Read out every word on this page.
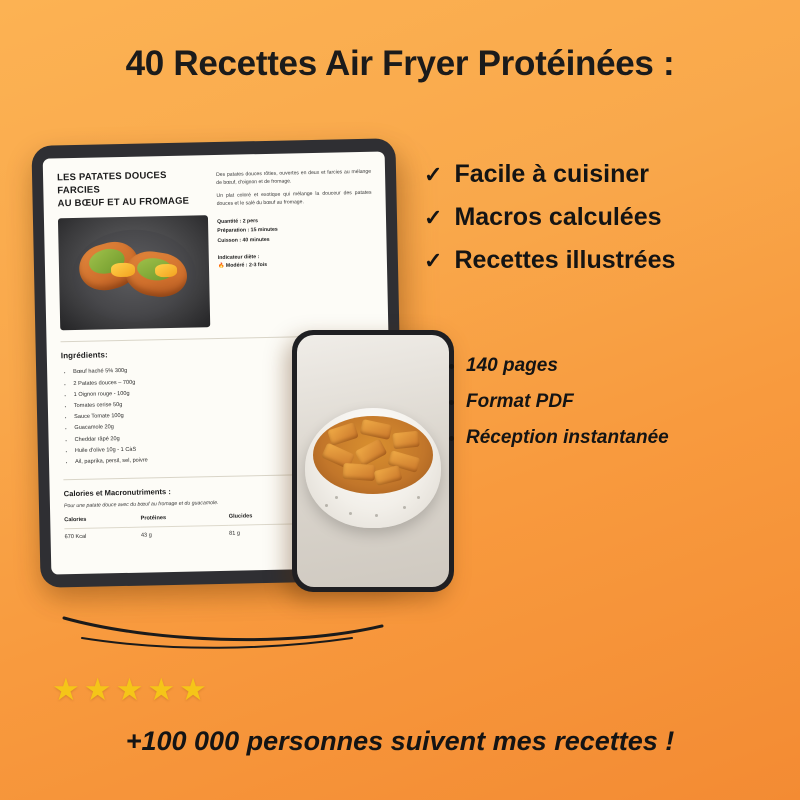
40 Recettes Air Fryer Protéinées :
LES PATATES DOUCES FARCIES
AU BŒUF ET AU FROMAGE
Des patates douces rôties, ouvertes en deux et farcies au mélange de bœuf, d'oignon et de fromage.
Un plat coloré et exotique qui mélange la douceur des patates douces et le salé du bœuf au fromage.
Quantité : 2 pers
Préparation : 15 minutes
Cuisson : 40 minutes
Indicateur diète :
🔥 Modéré : 2-3 fois
Ingrédients:
• Bœuf haché 5% 300g
• 2 Patates douces – 700g
• 1 Oignon rouge - 100g
• Tomates cerise 50g
• Sauce Tomate 100g
• Guacamole 20g
• Cheddar râpé 20g
• Huile d'olive 10g - 1 CàS
• Ail, paprika, persil, sel, poivre
Calories et Macronutriments :
Pour une patate douce avec du bœuf au fromage et du guacamole.
Calories	Protéines	Glucides	
670 Kcal	43 g	81 g	
✓ Facile à cuisiner
✓ Macros calculées
✓ Recettes illustrées
• 140 pages
• Format PDF
• Réception instantanée
★★★★★
+100 000 personnes suivent mes recettes !
